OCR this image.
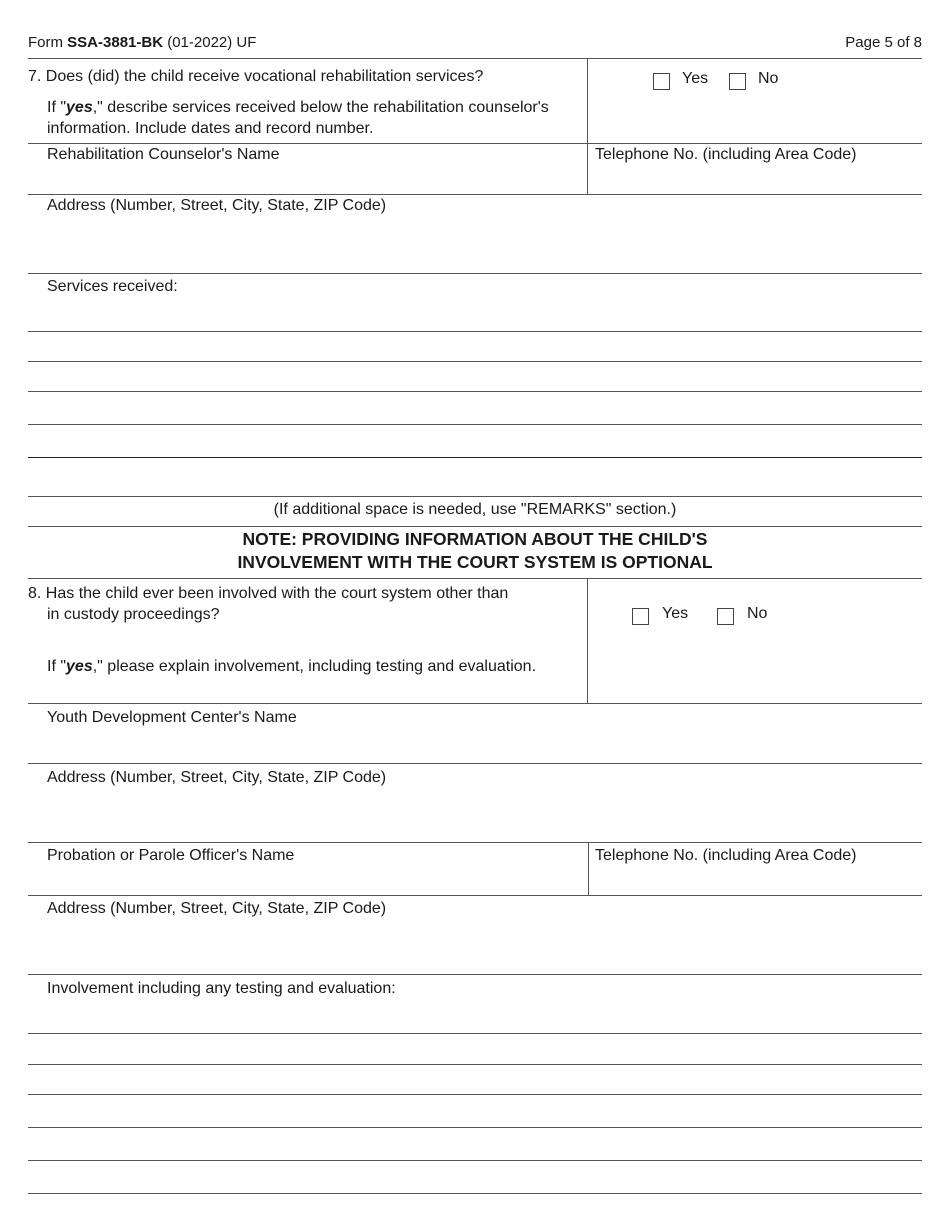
Form SSA-3881-BK (01-2022) UF	Page 5 of 8
7. Does (did) the child receive vocational rehabilitation services?	Yes	No
If "yes," describe services received below the rehabilitation counselor's
information. Include dates and record number.
Rehabilitation Counselor's Name	Telephone No. (including Area Code)
Address (Number, Street, City, State, ZIP Code)
Services received:
(If additional space is needed, use "REMARKS" section.)
NOTE: PROVIDING INFORMATION ABOUT THE CHILD'S
INVOLVEMENT WITH THE COURT SYSTEM IS OPTIONAL
8. Has the child ever been involved with the court system other than
in custody proceedings?	Yes	No
If "yes," please explain involvement, including testing and evaluation.
Youth Development Center's Name
Address (Number, Street, City, State, ZIP Code)
Probation or Parole Officer's Name	Telephone No. (including Area Code)
Address (Number, Street, City, State, ZIP Code)
Involvement including any testing and evaluation:
